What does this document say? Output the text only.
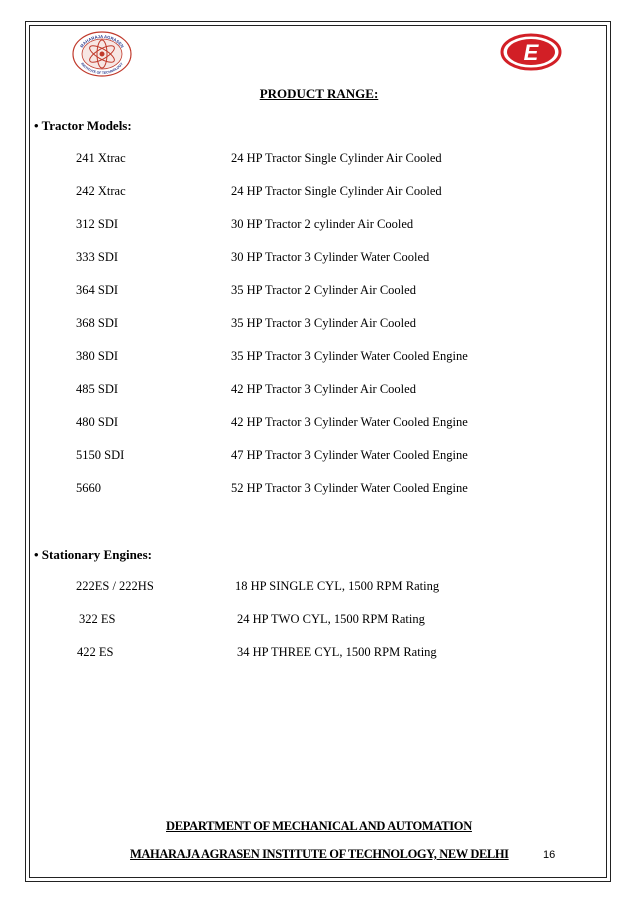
MAHARAJA AGRASEN
INSTITUTE OF TECHNOLOGY	E
PRODUCT RANGE:
• Tractor Models:
241 Xtrac	24 HP Tractor Single Cylinder Air Cooled
242 Xtrac	24 HP Tractor Single Cylinder Air Cooled
312 SDI	30 HP Tractor 2 cylinder Air Cooled
333 SDI	30 HP Tractor 3 Cylinder Water Cooled
364 SDI	35 HP Tractor 2 Cylinder Air Cooled
368 SDI	35 HP Tractor 3 Cylinder Air Cooled
380 SDI	35 HP Tractor 3 Cylinder Water Cooled Engine
485 SDI	42 HP Tractor 3 Cylinder Air Cooled
480 SDI	42 HP Tractor 3 Cylinder Water Cooled Engine
5150 SDI	47 HP Tractor 3 Cylinder Water Cooled Engine
5660	52 HP Tractor 3 Cylinder Water Cooled Engine
• Stationary Engines:
222ES / 222HS	18 HP SINGLE CYL, 1500 RPM Rating
322 ES	24 HP TWO CYL, 1500 RPM Rating
422 ES	34 HP THREE CYL, 1500 RPM Rating
DEPARTMENT OF MECHANICAL AND AUTOMATION
MAHARAJA AGRASEN INSTITUTE OF TECHNOLOGY, NEW DELHI	16
